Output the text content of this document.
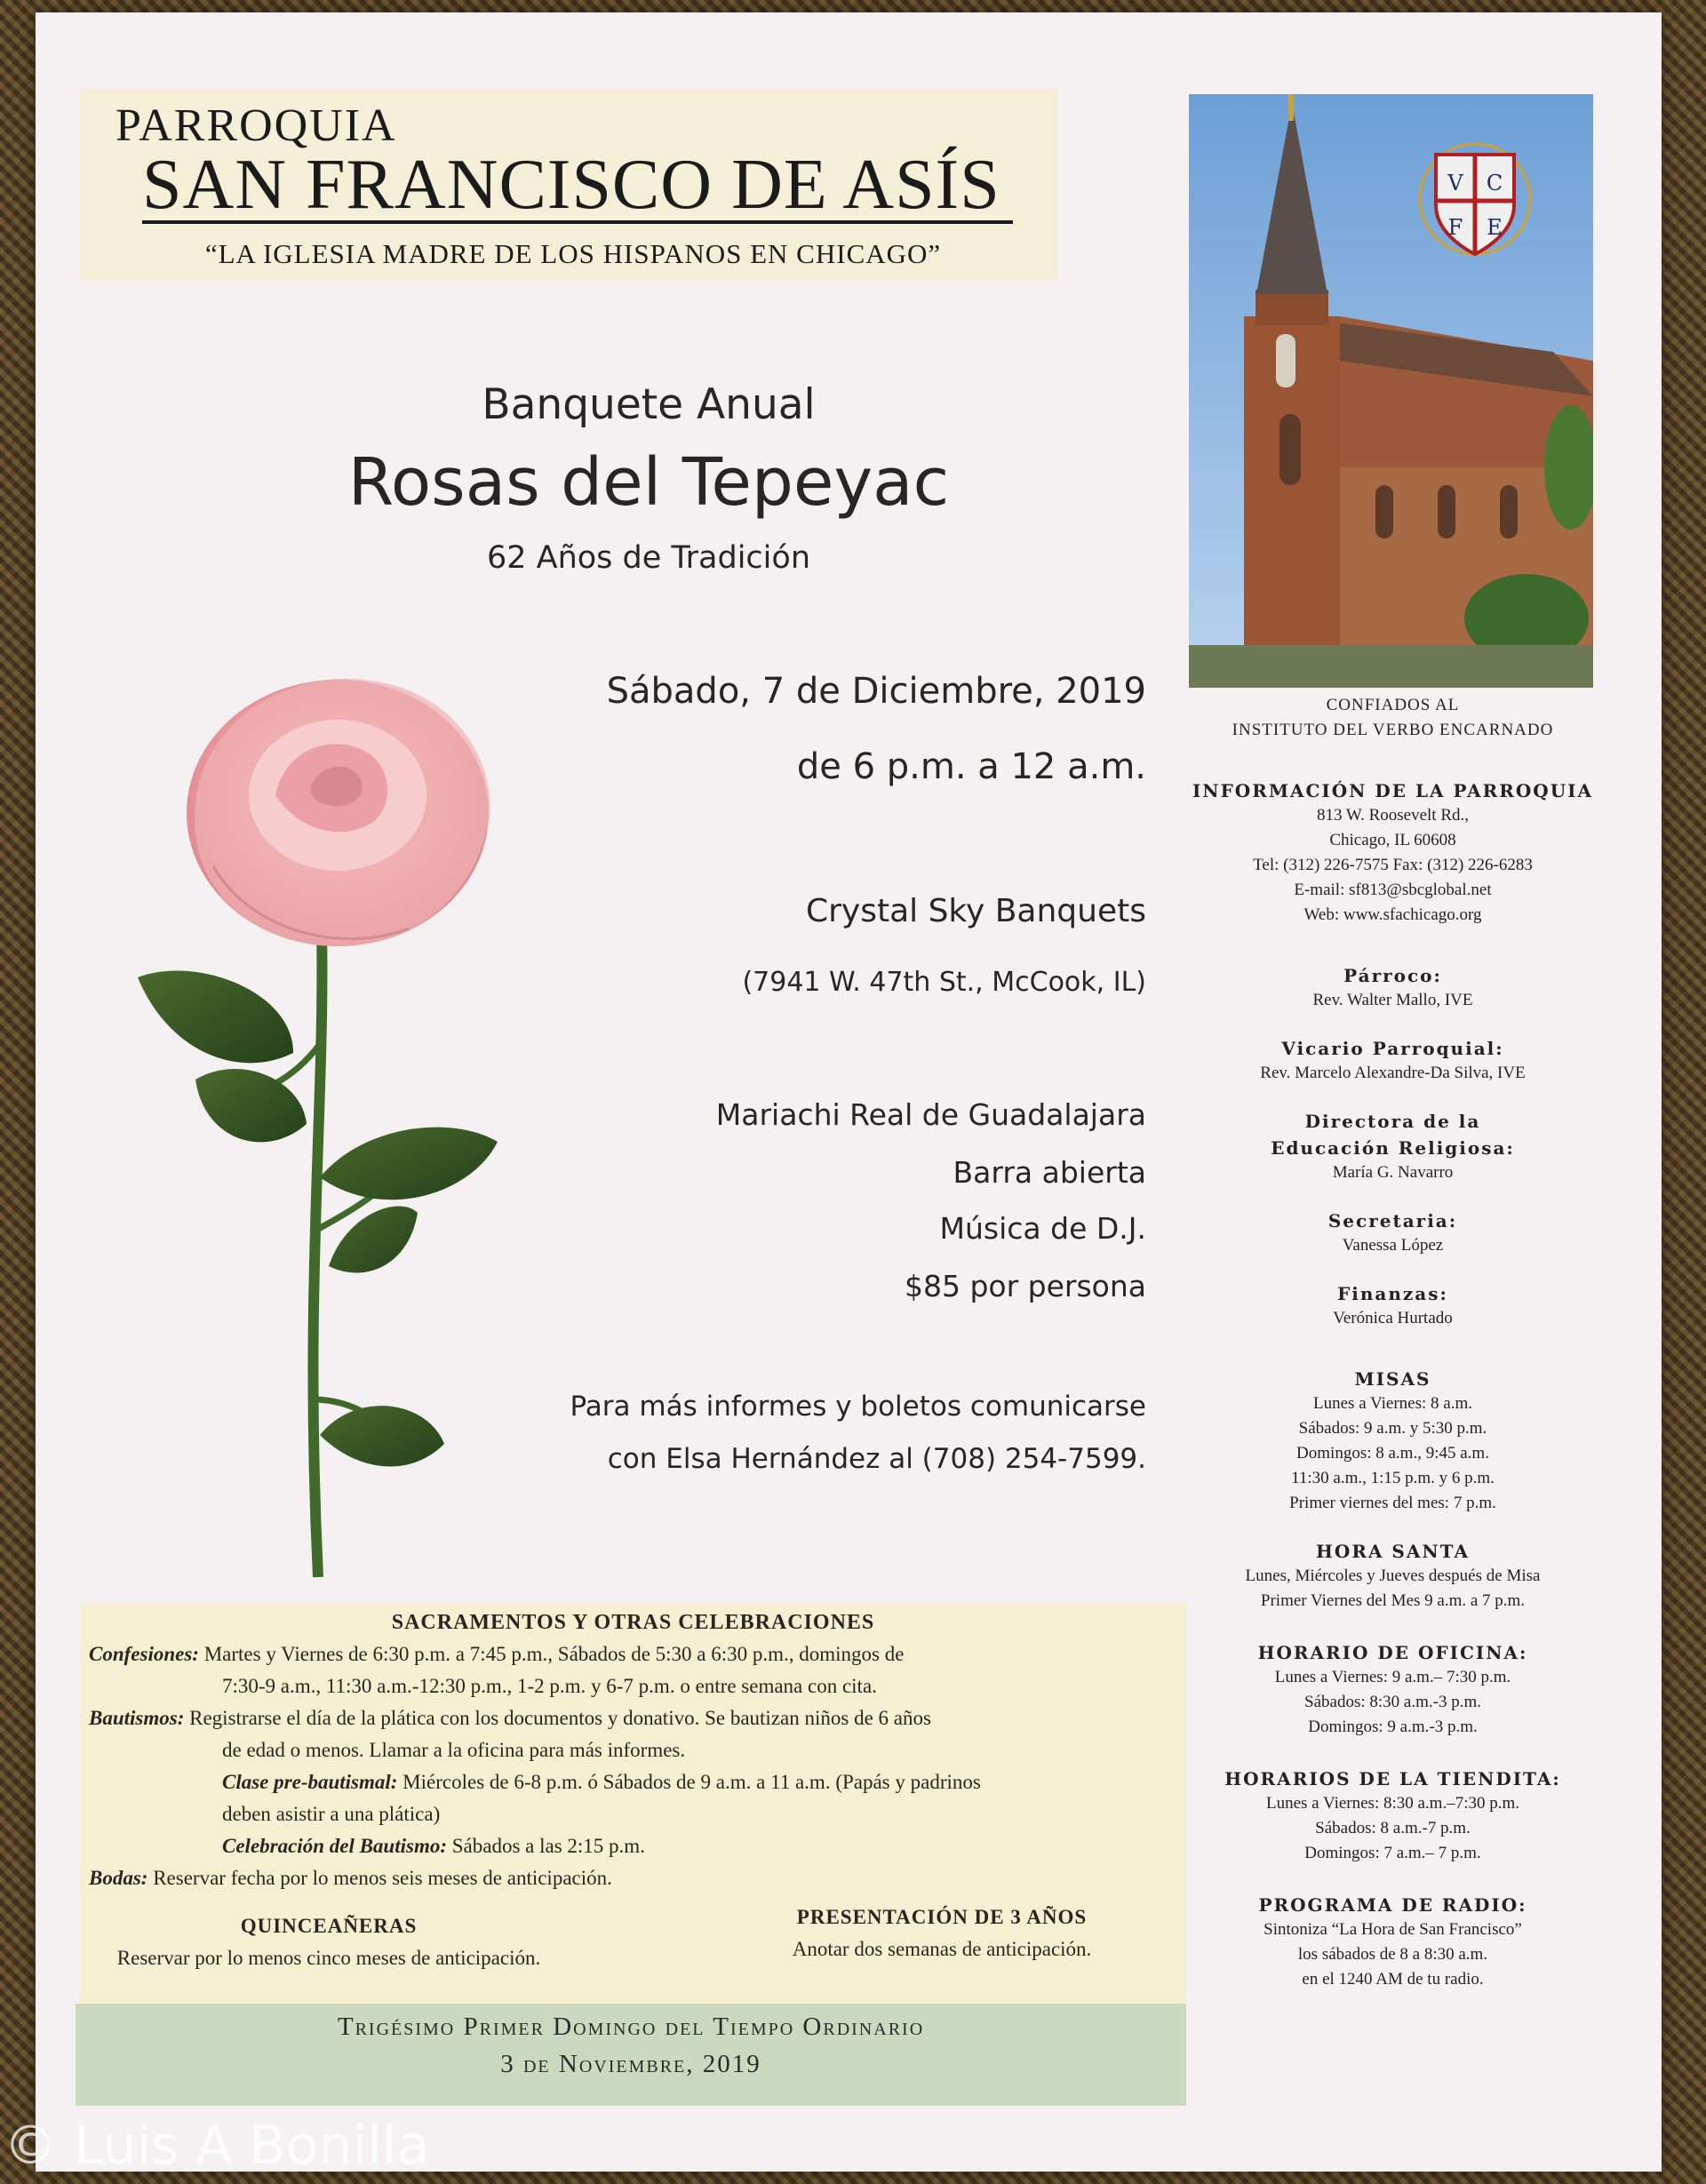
PARROQUIA
SAN FRANCISCO DE ASÍS
“LA IGLESIA MADRE DE LOS HISPANOS EN CHICAGO”
Banquete Anual
Rosas del Tepeyac
62 Años de Tradición
Sábado, 7 de Diciembre, 2019
de 6 p.m. a 12 a.m.
Crystal Sky Banquets
(7941 W. 47th St., McCook, IL)
Mariachi Real de Guadalajara
Barra abierta
Música de D.J.
$85 por persona
Para más informes y boletos comunicarse
con Elsa Hernández al (708) 254-7599.
V C
F E
CONFIADOS AL
INSTITUTO DEL VERBO ENCARNADO
INFORMACIÓN DE LA PARROQUIA
813 W. Roosevelt Rd.,
Chicago, IL 60608
Tel: (312) 226-7575 Fax: (312) 226-6283
E-mail: sf813@sbcglobal.net
Web: www.sfachicago.org
Párroco:
Rev. Walter Mallo, IVE
Vicario Parroquial:
Rev. Marcelo Alexandre-Da Silva, IVE
Directora de la
Educación Religiosa:
María G. Navarro
Secretaria:
Vanessa López
Finanzas:
Verónica Hurtado
MISAS
Lunes a Viernes: 8 a.m.
Sábados: 9 a.m. y 5:30 p.m.
Domingos: 8 a.m., 9:45 a.m.
11:30 a.m., 1:15 p.m. y 6 p.m.
Primer viernes del mes: 7 p.m.
HORA SANTA
Lunes, Miércoles y Jueves después de Misa
Primer Viernes del Mes 9 a.m. a 7 p.m.
HORARIO DE OFICINA:
Lunes a Viernes: 9 a.m.– 7:30 p.m.
Sábados: 8:30 a.m.-3 p.m.
Domingos: 9 a.m.-3 p.m.
HORARIOS DE LA TIENDITA:
Lunes a Viernes: 8:30 a.m.–7:30 p.m.
Sábados: 8 a.m.-7 p.m.
Domingos: 7 a.m.– 7 p.m.
PROGRAMA DE RADIO:
Sintoniza “La Hora de San Francisco”
los sábados de 8 a 8:30 a.m.
en el 1240 AM de tu radio.
SACRAMENTOS Y OTRAS CELEBRACIONES
Confesiones: Martes y Viernes de 6:30 p.m. a 7:45 p.m., Sábados de 5:30 a 6:30 p.m., domingos de
7:30-9 a.m., 11:30 a.m.-12:30 p.m., 1-2 p.m. y 6-7 p.m. o entre semana con cita.
Bautismos: Registrarse el día de la plática con los documentos y donativo. Se bautizan niños de 6 años
de edad o menos. Llamar a la oficina para más informes.
Clase pre-bautismal: Miércoles de 6-8 p.m. ó Sábados de 9 a.m. a 11 a.m. (Papás y padrinos
deben asistir a una plática)
Celebración del Bautismo: Sábados a las 2:15 p.m.
Bodas: Reservar fecha por lo menos seis meses de anticipación.
QUINCEAÑERAS
Reservar por lo menos cinco meses de anticipación.
PRESENTACIÓN DE 3 AÑOS
Anotar dos semanas de anticipación.
Trigésimo Primer Domingo del Tiempo Ordinario
3 de Noviembre, 2019
© Luis A Bonilla
